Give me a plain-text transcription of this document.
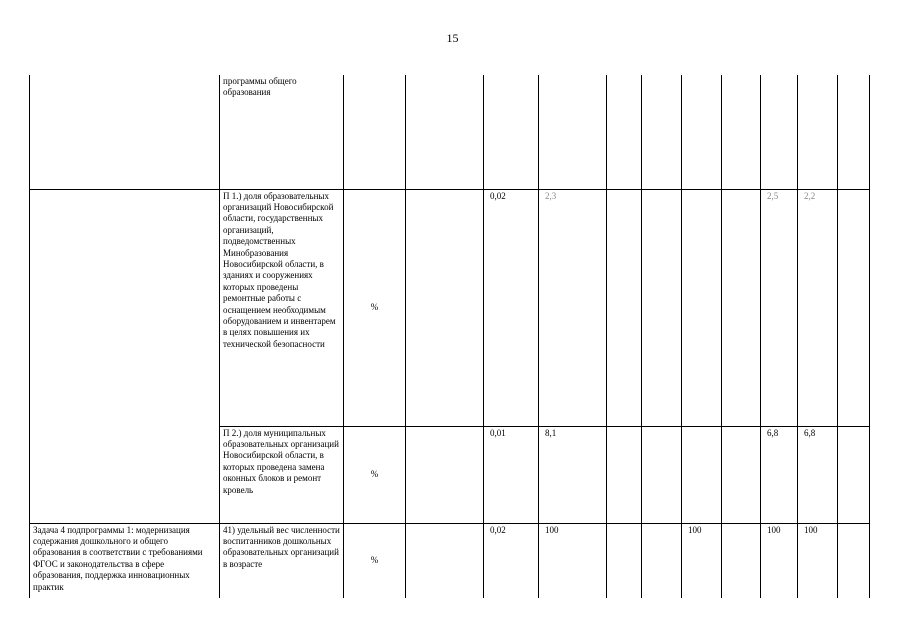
15
	программы общего образования											
	П 1.) доля образовательных организаций Новосибирской области, государственных организаций, подведомственных Минобразования Новосибирской области, в зданиях и сооружениях которых проведены ремонтные работы с оснащением необходимым оборудованием и инвентарем в целях повышения их технической безопасности	%		0,02	2,3					2,5	2,2	
	П 2.) доля муниципальных образовательных организаций Новосибирской области, в которых проведена замена оконных блоков и ремонт кровель	%		0,01	8,1					6,8	6,8	
Задача 4 подпрограммы 1: модернизация содержания дошкольного и общего образования в соответствии с требованиями ФГОС и законодательства в сфере образования, поддержка инновационных практик	41) удельный вес численности воспитанников дошкольных образовательных организаций в возрасте	%		0,02	100			100		100	100	
